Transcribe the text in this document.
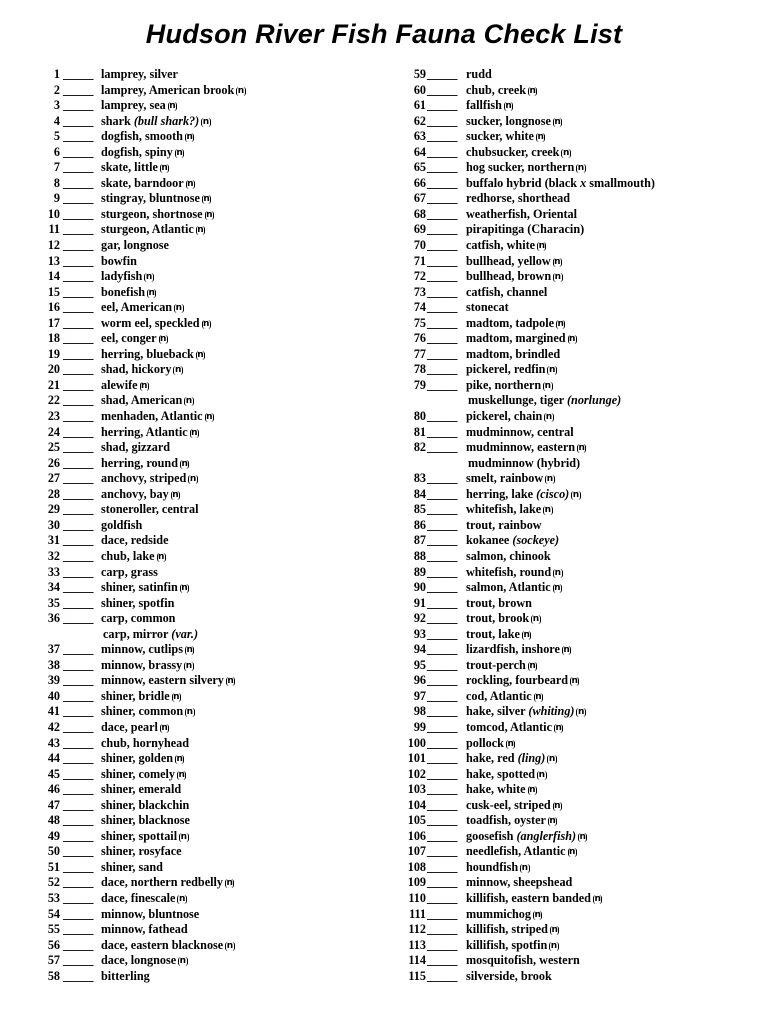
Hudson River Fish Fauna Check List
1 _____ lamprey, silver
2 _____ lamprey, American brook n
3 _____ lamprey, sea n
4 _____ shark (bull shark?) n
5 _____ dogfish, smooth n
6 _____ dogfish, spiny n
7 _____ skate, little n
8 _____ skate, barndoor n
9 _____ stingray, bluntnose n
10 _____ sturgeon, shortnose n
11 _____ sturgeon, Atlantic n
12 _____ gar, longnose
13 _____ bowfin
14 _____ ladyfish n
15 _____ bonefish n
16 _____ eel, American n
17 _____ worm eel, speckled n
18 _____ eel, conger n
19 _____ herring, blueback n
20 _____ shad, hickory n
21 _____ alewife n
22 _____ shad, American n
23 _____ menhaden, Atlantic n
24 _____ herring, Atlantic n
25 _____ shad, gizzard
26 _____ herring, round n
27 _____ anchovy, striped n
28 _____ anchovy, bay n
29 _____ stoneroller, central
30 _____ goldfish
31 _____ dace, redside
32 _____ chub, lake n
33 _____ carp, grass
34 _____ shiner, satinfin n
35 _____ shiner, spotfin
36 _____ carp, common
carp, mirror (var.)
37 _____ minnow, cutlips n
38 _____ minnow, brassy n
39 _____ minnow, eastern silvery n
40 _____ shiner, bridle n
41 _____ shiner, common n
42 _____ dace, pearl n
43 _____ chub, hornyhead
44 _____ shiner, golden n
45 _____ shiner, comely n
46 _____ shiner, emerald
47 _____ shiner, blackchin
48 _____ shiner, blacknose
49 _____ shiner, spottail n
50 _____ shiner, rosyface
51 _____ shiner, sand
52 _____ dace, northern redbelly n
53 _____ dace, finescale n
54 _____ minnow, bluntnose
55 _____ minnow, fathead
56 _____ dace, eastern blacknose n
57 _____ dace, longnose n
58 _____ bitterling
59 _____ rudd
60 _____ chub, creek n
61 _____ fallfish n
62 _____ sucker, longnose n
63 _____ sucker, white n
64 _____ chubsucker, creek n
65 _____ hog sucker, northern n
66 _____ buffalo hybrid (black x smallmouth)
67 _____ redhorse, shorthead
68 _____ weatherfish, Oriental
69 _____ pirapitinga (Characin)
70 _____ catfish, white n
71 _____ bullhead, yellow n
72 _____ bullhead, brown n
73 _____ catfish, channel
74 _____ stonecat
75 _____ madtom, tadpole n
76 _____ madtom, margined n
77 _____ madtom, brindled
78 _____ pickerel, redfin n
79 _____ pike, northern n
muskellunge, tiger (norlunge)
80 _____ pickerel, chain n
81 _____ mudminnow, central
82 _____ mudminnow, eastern n
mudminnow (hybrid)
83 _____ smelt, rainbow n
84 _____ herring, lake (cisco) n
85 _____ whitefish, lake n
86 _____ trout, rainbow
87 _____ kokanee (sockeye)
88 _____ salmon, chinook
89 _____ whitefish, round n
90 _____ salmon, Atlantic n
91 _____ trout, brown
92 _____ trout, brook n
93 _____ trout, lake n
94 _____ lizardfish, inshore n
95 _____ trout-perch n
96 _____ rockling, fourbeard n
97 _____ cod, Atlantic n
98 _____ hake, silver (whiting) n
99 _____ tomcod, Atlantic n
100 _____ pollock n
101 _____ hake, red (ling) n
102 _____ hake, spotted n
103 _____ hake, white n
104 _____ cusk-eel, striped n
105 _____ toadfish, oyster n
106 _____ goosefish (anglerfish) n
107 _____ needlefish, Atlantic n
108 _____ houndfish n
109 _____ minnow, sheepshead
110 _____ killifish, eastern banded n
111 _____ mummichog n
112 _____ killifish, striped n
113 _____ killifish, spotfin n
114 _____ mosquitofish, western
115 _____ silverside, brook
